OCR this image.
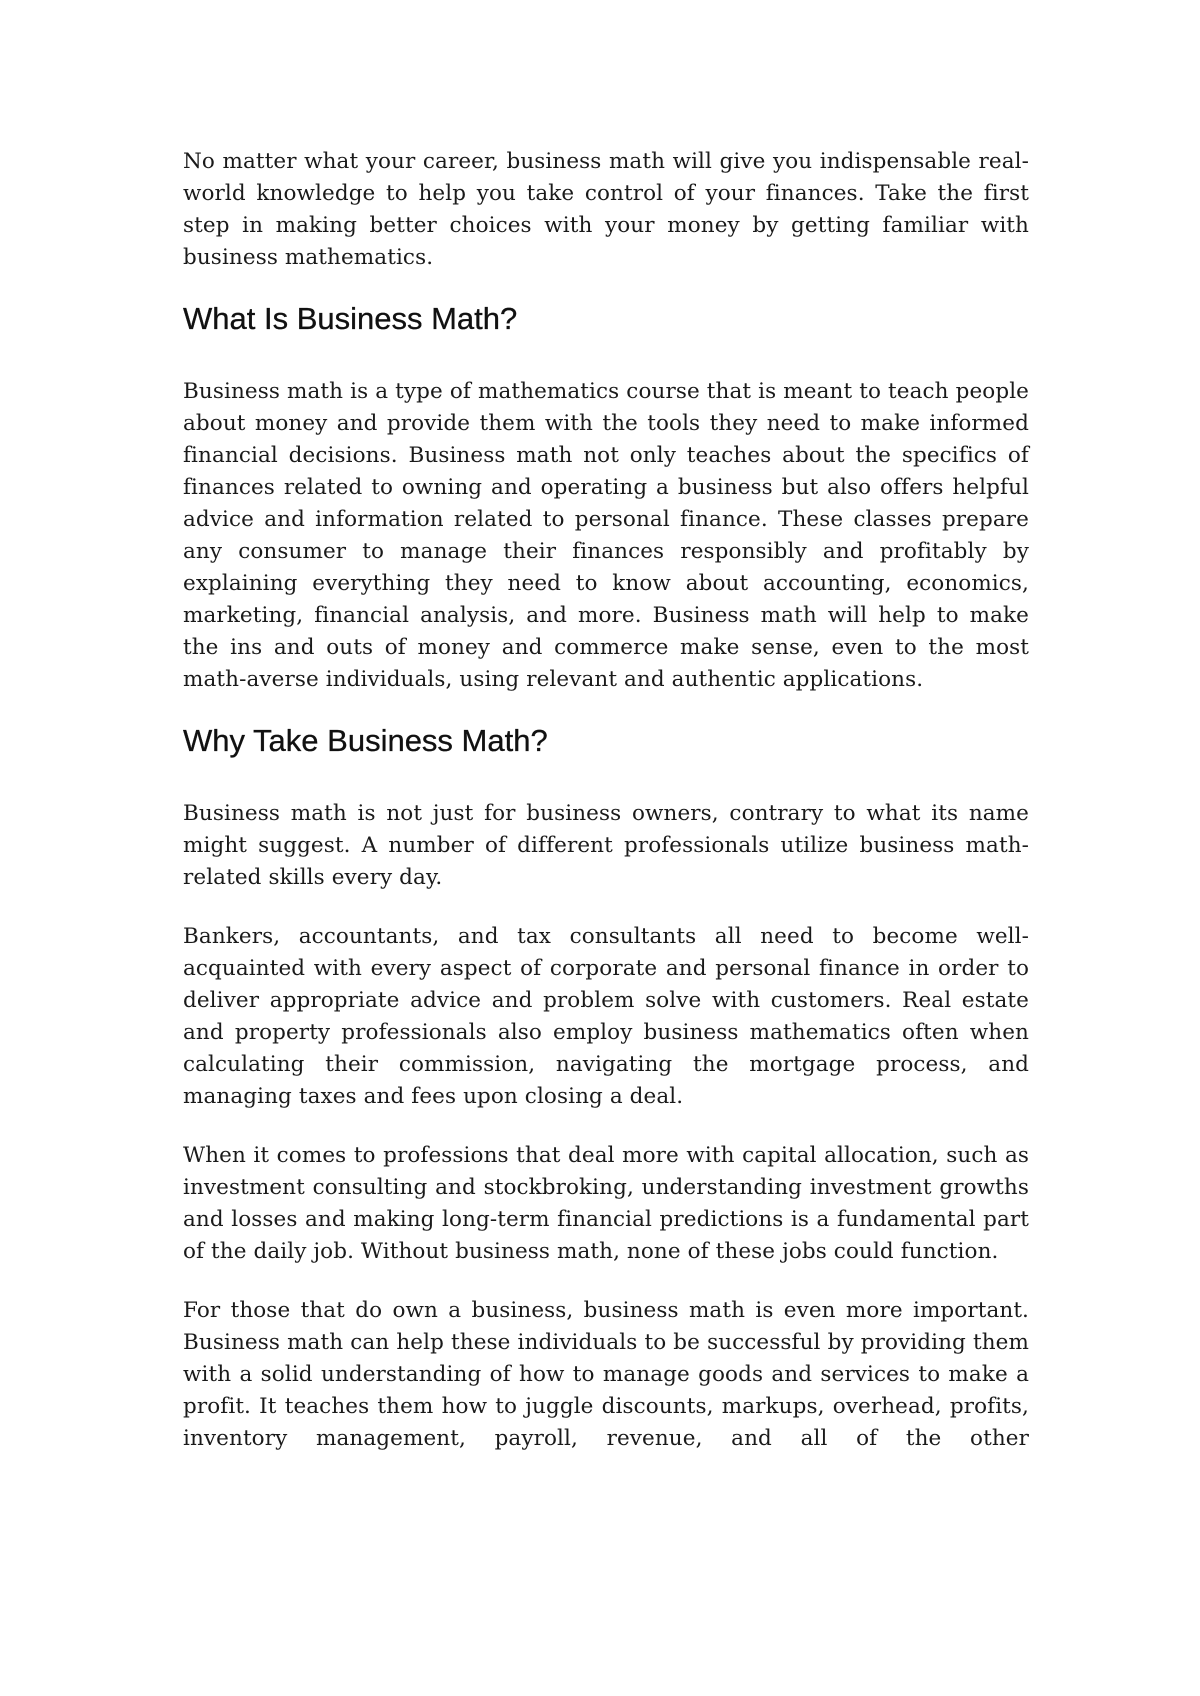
No matter what your career, business math will give you indispensable real-world knowledge to help you take control of your finances. Take the first step in making better choices with your money by getting familiar with business mathematics.

What Is Business Math?

Business math is a type of mathematics course that is meant to teach people about money and provide them with the tools they need to make informed financial decisions. Business math not only teaches about the specifics of finances related to owning and operating a business but also offers helpful advice and information related to personal finance. These classes prepare any consumer to manage their finances responsibly and profitably by explaining everything they need to know about accounting, economics, marketing, financial analysis, and more. Business math will help to make the ins and outs of money and commerce make sense, even to the most math-averse individuals, using relevant and authentic applications.

Why Take Business Math?

Business math is not just for business owners, contrary to what its name might suggest. A number of different professionals utilize business math-related skills every day.

Bankers, accountants, and tax consultants all need to become well-acquainted with every aspect of corporate and personal finance in order to deliver appropriate advice and problem solve with customers. Real estate and property professionals also employ business mathematics often when calculating their commission, navigating the mortgage process, and managing taxes and fees upon closing a deal.

When it comes to professions that deal more with capital allocation, such as investment consulting and stockbroking, understanding investment growths and losses and making long-term financial predictions is a fundamental part of the daily job. Without business math, none of these jobs could function.

For those that do own a business, business math is even more important. Business math can help these individuals to be successful by providing them with a solid understanding of how to manage goods and services to make a profit. It teaches them how to juggle discounts, markups, overhead, profits, inventory management, payroll, revenue, and all of the other
